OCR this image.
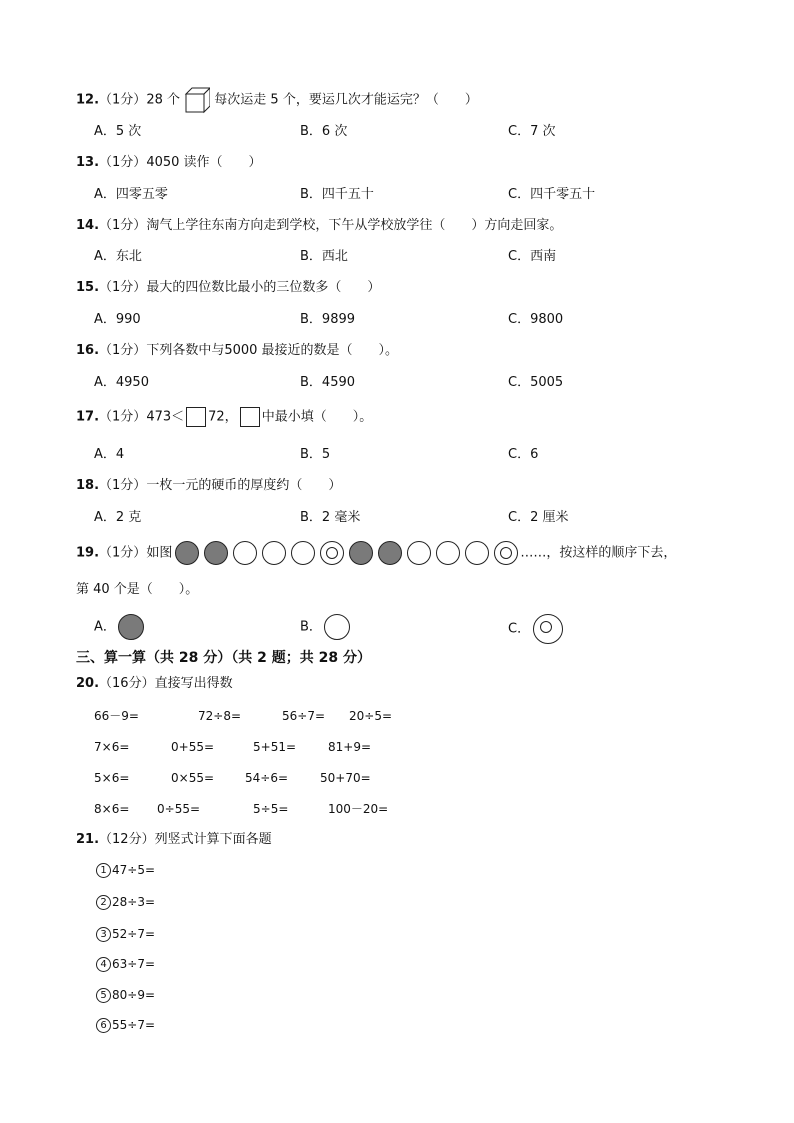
12.（1分）28 个	每次运走 5 个，要运几次才能运完？（　　）
A．5 次	B．6 次	C．7 次
13.（1分）4050 读作（　　）
A．四零五零	B．四千五十	C．四千零五十
14.（1分）淘气上学往东南方向走到学校，下午从学校放学往（　　）方向走回家。
A．东北	B．西北	C．西南
15.（1分）最大的四位数比最小的三位数多（　　）
A．990	B．9899	C．9800
16.（1分）下列各数中与5000 最接近的数是（　　）。
A．4950	B．4590	C．5005
17.（1分）473＜ 72， 中最小填（　　）。
A．4	B．5	C．6
18.（1分）一枚一元的硬币的厚度约（　　）
A．2 克	B．2 毫米	C．2 厘米
19.（1分）如图	……，按这样的顺序下去，
第 40 个是（　　）。
A．	B．	C．
三、算一算（共 28 分）（共 2 题；共 28 分）
20.（16分）直接写出得数
66－9=	72÷8=	56÷7= 20÷5=
7×6=	0+55=	5+51=	81+9=
5×6=	0×55=	54÷6=	50+70=
8×6= 0÷55=	5÷5=	100－20=
21.（12分）列竖式计算下面各题
1 47÷5=
2 28÷3=
3 52÷7=
4 63÷7=
5 80÷9=
6 55÷7=
